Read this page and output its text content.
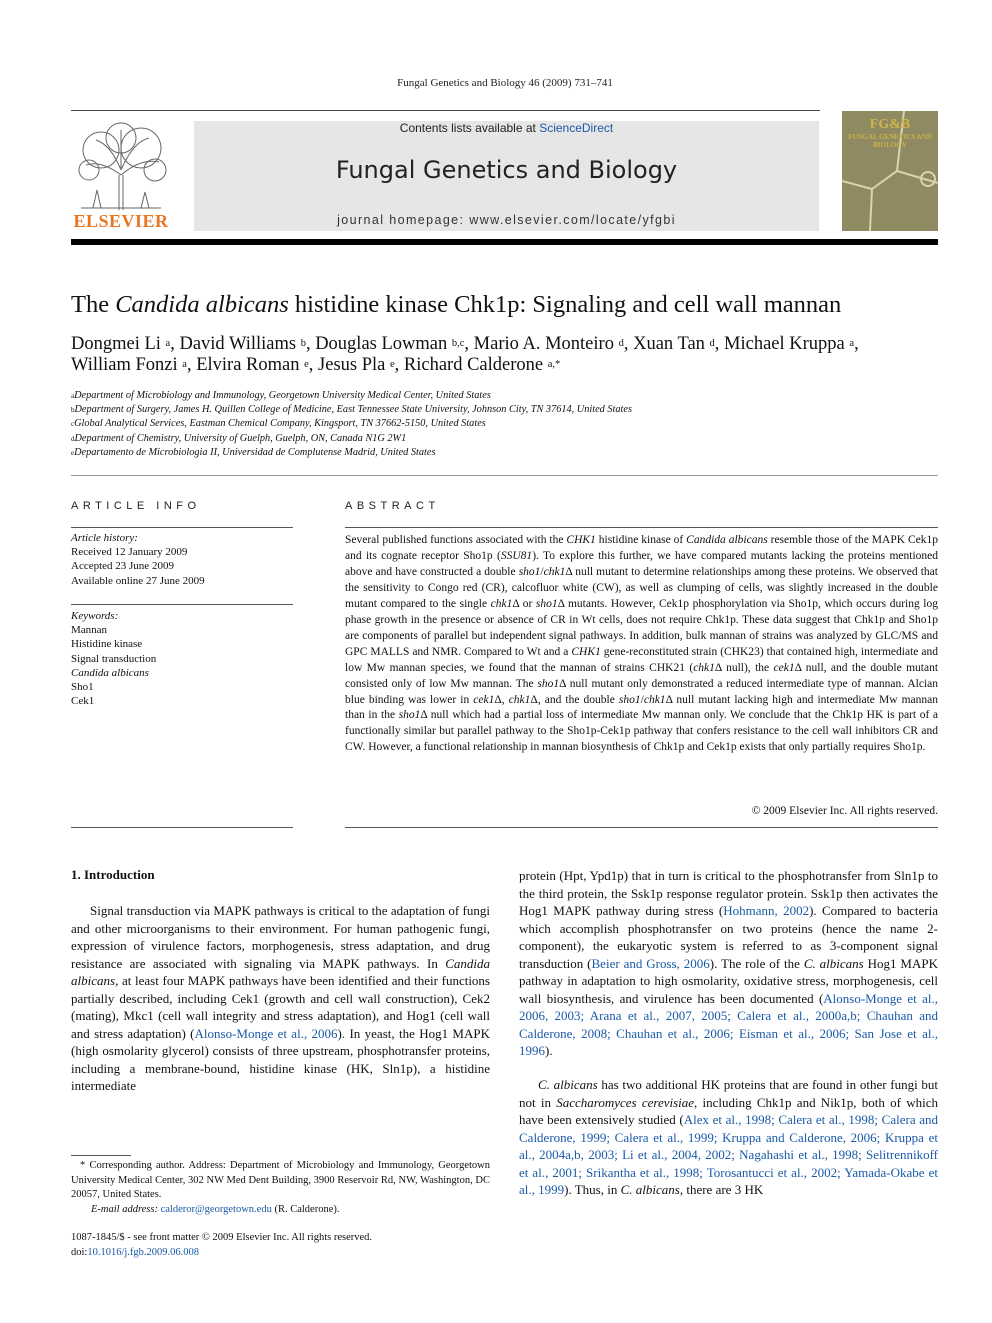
Fungal Genetics and Biology 46 (2009) 731–741
ELSEVIER
Contents lists available at ScienceDirect
Fungal Genetics and Biology
journal homepage: www.elsevier.com/locate/yfgbi
FG&B
FUNGAL GENETICS AND BIOLOGY
The Candida albicans histidine kinase Chk1p: Signaling and cell wall mannan
Dongmei Li $^a$, David Williams $^b$, Douglas Lowman $^{b,c}$, Mario A. Monteiro $^d$, Xuan Tan $^d$, Michael Kruppa $^a$,
William Fonzi $^a$, Elvira Roman $^e$, Jesus Pla $^e$, Richard Calderone $^{a,*}$
$^a$Department of Microbiology and Immunology, Georgetown University Medical Center, United States
$^b$Department of Surgery, James H. Quillen College of Medicine, East Tennessee State University, Johnson City, TN 37614, United States
$^c$Global Analytical Services, Eastman Chemical Company, Kingsport, TN 37662-5150, United States
$^d$Department of Chemistry, University of Guelph, Guelph, ON, Canada N1G 2W1
$^e$Departamento de Microbiologia II, Universidad de Complutense Madrid, United States
ARTICLE INFO
Article history:
Received 12 January 2009
Accepted 23 June 2009
Available online 27 June 2009
Keywords:
Mannan
Histidine kinase
Signal transduction
Candida albicans
Sho1
Cek1
ABSTRACT
Several published functions associated with the CHK1 histidine kinase of Candida albicans resemble those of the MAPK Cek1p and its cognate receptor Sho1p (SSU81). To explore this further, we have compared mutants lacking the proteins mentioned above and have constructed a double sho1/chk1Δ null mutant to determine relationships among these proteins. We observed that the sensitivity to Congo red (CR), calcofluor white (CW), as well as clumping of cells, was slightly increased in the double mutant compared to the single chk1Δ or sho1Δ mutants. However, Cek1p phosphorylation via Sho1p, which occurs during log phase growth in the presence or absence of CR in Wt cells, does not require Chk1p. These data suggest that Chk1p and Sho1p are components of parallel but independent signal pathways. In addition, bulk mannan of strains was analyzed by GLC/MS and GPC MALLS and NMR. Compared to Wt and a CHK1 gene-reconstituted strain (CHK23) that contained high, intermediate and low Mw mannan species, we found that the mannan of strains CHK21 (chk1Δ null), the cek1Δ null, and the double mutant consisted only of low Mw mannan. The sho1Δ null mutant only demonstrated a reduced intermediate type of mannan. Alcian blue binding was lower in cek1Δ, chk1Δ, and the double sho1/chk1Δ null mutant lacking high and intermediate Mw mannan than in the sho1Δ null which had a partial loss of intermediate Mw mannan only. We conclude that the Chk1p HK is part of a functionally similar but parallel pathway to the Sho1p-Cek1p pathway that confers resistance to the cell wall inhibitors CR and CW. However, a functional relationship in mannan biosynthesis of Chk1p and Cek1p exists that only partially requires Sho1p.
© 2009 Elsevier Inc. All rights reserved.
1. Introduction
Signal transduction via MAPK pathways is critical to the adaptation of fungi and other microorganisms to their environment. For human pathogenic fungi, expression of virulence factors, morphogenesis, stress adaptation, and drug resistance are associated with signaling via MAPK pathways. In Candida albicans, at least four MAPK pathways have been identified and their functions partially described, including Cek1 (growth and cell wall construction), Cek2 (mating), Mkc1 (cell wall integrity and stress adaptation), and Hog1 (cell wall and stress adaptation) (Alonso-Monge et al., 2006). In yeast, the Hog1 MAPK (high osmolarity glycerol) consists of three upstream, phosphotransfer proteins, including a membrane-bound, histidine kinase (HK, Sln1p), a histidine intermediate
protein (Hpt, Ypd1p) that in turn is critical to the phosphotransfer from Sln1p to the third protein, the Ssk1p response regulator protein. Ssk1p then activates the Hog1 MAPK pathway during stress (Hohmann, 2002). Compared to bacteria which accomplish phosphotransfer on two proteins (hence the name 2-component), the eukaryotic system is referred to as 3-component signal transduction (Beier and Gross, 2006). The role of the C. albicans Hog1 MAPK pathway in adaptation to high osmolarity, oxidative stress, morphogenesis, cell wall biosynthesis, and virulence has been documented (Alonso-Monge et al., 2006, 2003; Arana et al., 2007, 2005; Calera et al., 2000a,b; Chauhan and Calderone, 2008; Chauhan et al., 2006; Eisman et al., 2006; San Jose et al., 1996).
C. albicans has two additional HK proteins that are found in other fungi but not in Saccharomyces cerevisiae, including Chk1p and Nik1p, both of which have been extensively studied (Alex et al., 1998; Calera et al., 1998; Calera and Calderone, 1999; Calera et al., 1999; Kruppa and Calderone, 2006; Kruppa et al., 2004a,b, 2003; Li et al., 2004, 2002; Nagahashi et al., 1998; Selitrennikoff et al., 2001; Srikantha et al., 1998; Torosantucci et al., 2002; Yamada-Okabe et al., 1999). Thus, in C. albicans, there are 3 HK
* Corresponding author. Address: Department of Microbiology and Immunology, Georgetown University Medical Center, 302 NW Med Dent Building, 3900 Reservoir Rd, NW, Washington, DC 20057, United States.
E-mail address: calderor@georgetown.edu (R. Calderone).
1087-1845/$ - see front matter © 2009 Elsevier Inc. All rights reserved.
doi:10.1016/j.fgb.2009.06.008
